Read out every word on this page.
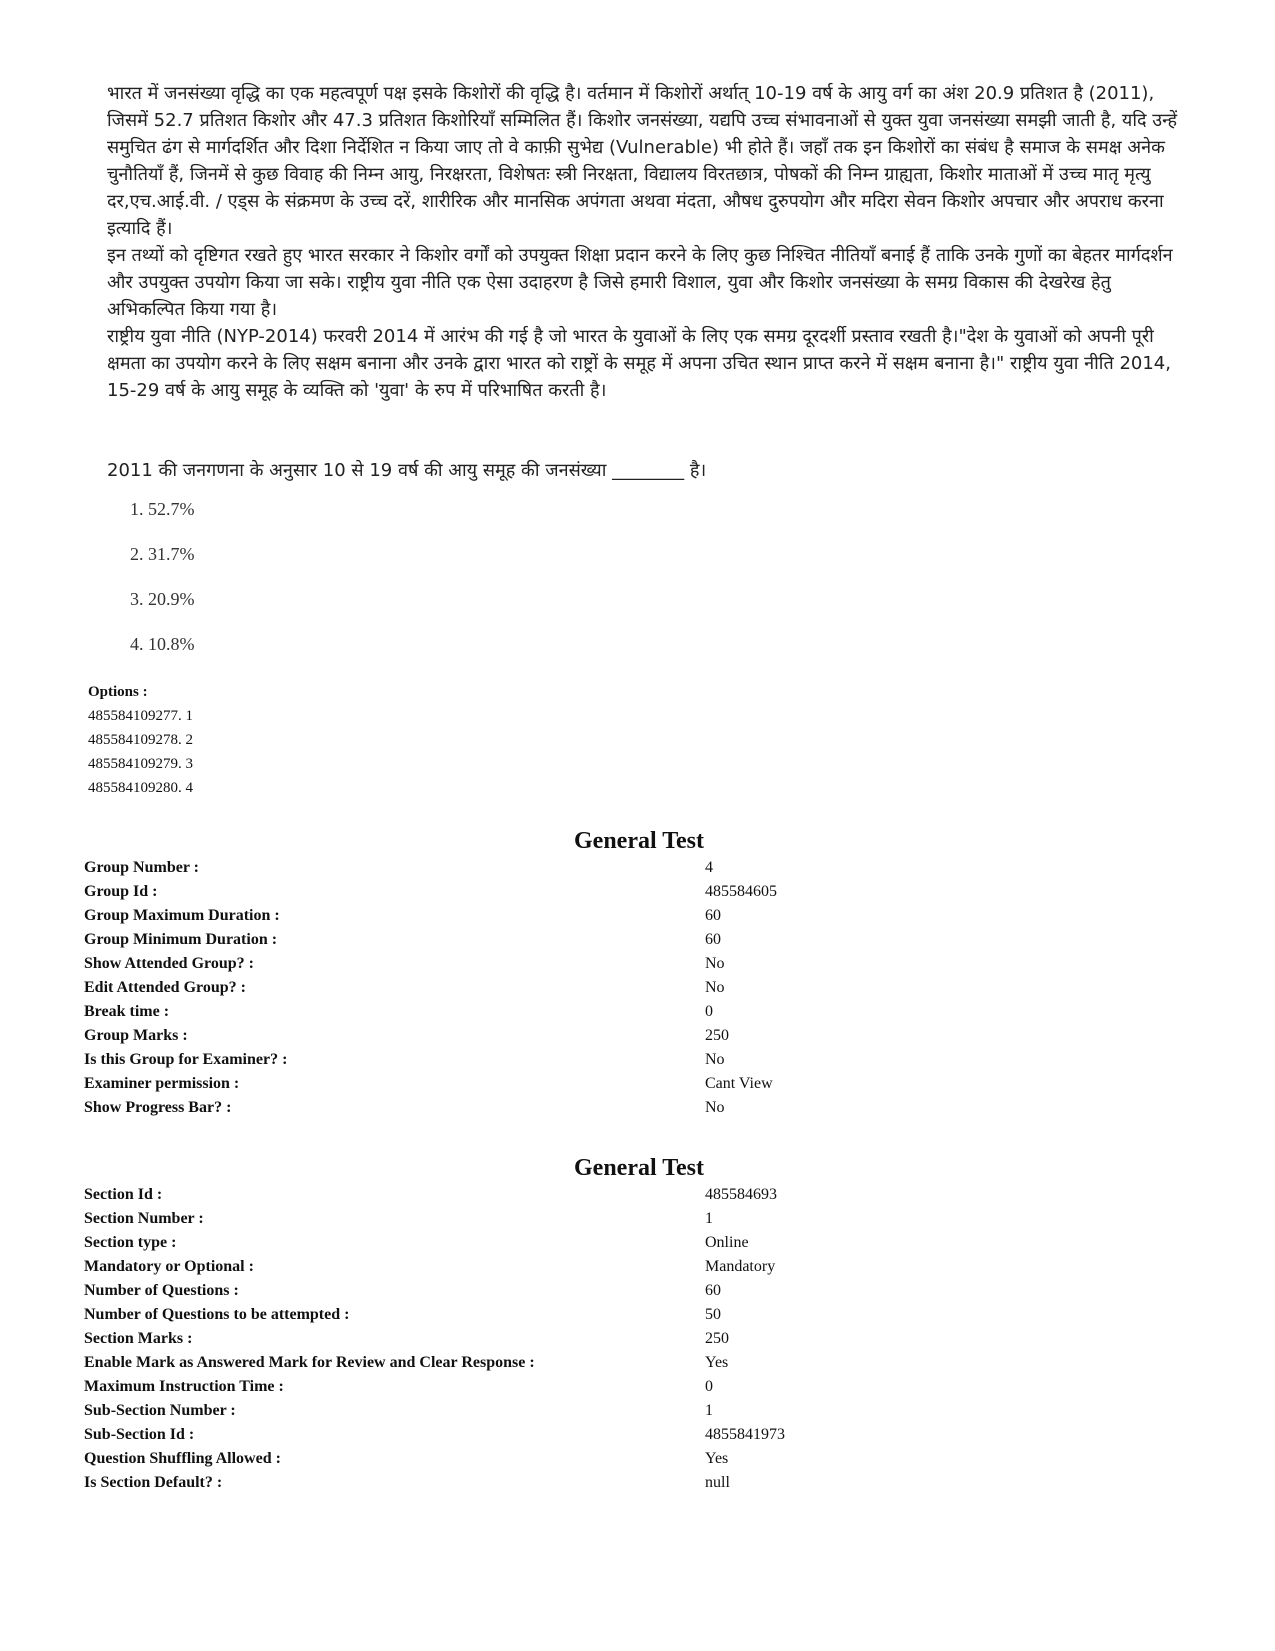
भारत में जनसंख्या वृद्धि का एक महत्वपूर्ण पक्ष इसके किशोरों की वृद्धि है। वर्तमान में किशोरों अर्थात् 10-19 वर्ष के आयु वर्ग का अंश 20.9 प्रतिशत है (2011), जिसमें 52.7 प्रतिशत किशोर और 47.3 प्रतिशत किशोरियाँ सम्मिलित हैं। किशोर जनसंख्या, यद्यपि उच्च संभावनाओं से युक्त युवा जनसंख्या समझी जाती है, यदि उन्हें समुचित ढंग से मार्गदर्शित और दिशा निर्देशित न किया जाए तो वे काफ़ी सुभेद्य (Vulnerable) भी होते हैं। जहाँ तक इन किशोरों का संबंध है समाज के समक्ष अनेक चुनौतियाँ हैं, जिनमें से कुछ विवाह की निम्न आयु, निरक्षरता, विशेषतः स्त्री निरक्षता, विद्यालय विरतछात्र, पोषकों की निम्न ग्राह्यता, किशोर माताओं में उच्च मातृ मृत्यु दर,एच.आई.वी. / एड्स के संक्रमण के उच्च दरें, शारीरिक और मानसिक अपंगता अथवा मंदता, औषध दुरुपयोग और मदिरा सेवन किशोर अपचार और अपराध करना इत्यादि हैं।

इन तथ्यों को दृष्टिगत रखते हुए भारत सरकार ने किशोर वर्गों को उपयुक्त शिक्षा प्रदान करने के लिए कुछ निश्चित नीतियाँ बनाई हैं ताकि उनके गुणों का बेहतर मार्गदर्शन और उपयुक्त उपयोग किया जा सके। राष्ट्रीय युवा नीति एक ऐसा उदाहरण है जिसे हमारी विशाल, युवा और किशोर जनसंख्या के समग्र विकास की देखरेख हेतु अभिकल्पित किया गया है।

राष्ट्रीय युवा नीति (NYP-2014) फरवरी 2014 में आरंभ की गई है जो भारत के युवाओं के लिए एक समग्र दूरदर्शी प्रस्ताव रखती है।"देश के युवाओं को अपनी पूरी क्षमता का उपयोग करने के लिए सक्षम बनाना और उनके द्वारा भारत को राष्ट्रों के समूह में अपना उचित स्थान प्राप्त करने में सक्षम बनाना है।" राष्ट्रीय युवा नीति 2014, 15-29 वर्ष के आयु समूह के व्यक्ति को 'युवा' के रुप में परिभाषित करती है।

2011 की जनगणना के अनुसार 10 से 19 वर्ष की आयु समूह की जनसंख्या ________ है।
1. 52.7%
2. 31.7%
3. 20.9%
4. 10.8%
Options :
485584109277. 1
485584109278. 2
485584109279. 3
485584109280. 4
General Test
Group Number :	4
Group Id :	485584605
Group Maximum Duration :	60
Group Minimum Duration :	60
Show Attended Group? :	No
Edit Attended Group? :	No
Break time :	0
Group Marks :	250
Is this Group for Examiner? :	No
Examiner permission :	Cant View
Show Progress Bar? :	No
General Test
Section Id :	485584693
Section Number :	1
Section type :	Online
Mandatory or Optional :	Mandatory
Number of Questions :	60
Number of Questions to be attempted :	50
Section Marks :	250
Enable Mark as Answered Mark for Review and Clear Response :	Yes
Maximum Instruction Time :	0
Sub-Section Number :	1
Sub-Section Id :	4855841973
Question Shuffling Allowed :	Yes
Is Section Default? :	null
